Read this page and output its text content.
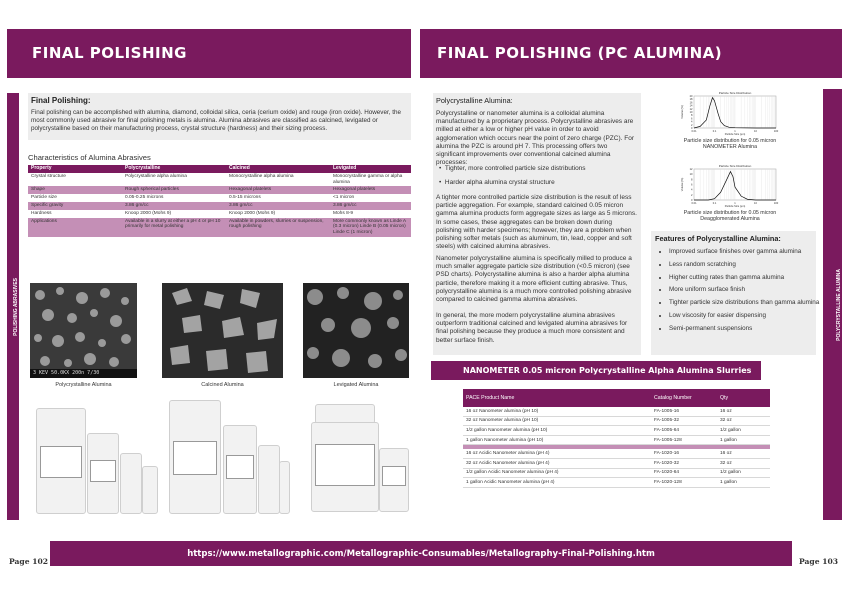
FINAL POLISHING
POLISHING ABRASIVES
Final Polishing:
Final polishing can be accomplished with alumina, diamond, colloidal silica, ceria (cerium oxide) and rouge (iron oxide). However, the most commonly used abrasive for final polishing metals is alumina. Alumina abrasives are classified as calcined, levigated or polycrystalline based on their manufacturing process, crystal structure (hardness) and their sizing process.
Characteristics of Alumina Abrasives
Property	Polycrystalline	Calcined	Levigated
Crystal structure	Polycrystalline alpha alumina	Monocrystalline alpha alumina	Monocrystalline gamma or alpha alumina
Shape	Rough spherical particles	Hexagonal platelets	Hexagonal platelets
Particle size	0.05-0.25 microns	0.5-15 microns	<1 micron
Specific gravity	3.86 gm/cc	3.86 gm/cc	3.86 gm/cc
Hardness	Knoop 2000 (Mohs 9)	Knoop 2000 (Mohs 9)	Mohs 8-9
Applications	Available in a slurry at either a pH 4 or pH 10 primarily for metal polishing	Available in powders, slurries or suspension, rough polishing	More commonly known as Linde A (0.3 micron) Linde B (0.05 micron) Linde C (1 micron)
3 KEV 50.0KX 200n 7/30
Polycrystalline Alumina	Calcined Alumina	Levigated Alumina
FINAL POLISHING (PC ALUMINA)
POLYCRYSTALLINE ALUMINA
Polycrystalline Alumina:
Polycrystalline or nanometer alumina is a colloidal alumina manufactured by a proprietary process. Polycrystalline abrasives are milled at either a low or higher pH value in order to avoid agglomeration which occurs near the point of zero charge (PZC). For alumina the PZC is around pH 7. This processing offers two significant improvements over conventional calcined alumina processes:
•  Tighter, more controlled particle size distributions
•  Harder alpha alumina crystal structure
A tighter more controlled particle size distribution is the result of less particle aggregation. For example, standard calcined 0.05 micron gamma alumina products form aggregate sizes as large as 5 microns. In some cases, these aggregates can be broken down during polishing with harder specimens; however, they are a problem when polishing softer metals (such as aluminum, tin, lead, copper and soft steels) with calcined alumina abrasives.
Nanometer polycrystalline alumina is specifically milled to produce a much smaller aggregate particle size distribution (<0.5 micron) (see PSD charts). Polycrystalline alumina is also a harder alpha alumina particle, therefore making it a more efficient cutting abrasive. Thus, polycrystalline alumina is a much more controlled polishing abrasive compared to calcined gamma alumina abrasives.
In general, the more modern polycrystalline alumina abrasives outperform traditional calcined and levigated alumina abrasives for final polishing because they produce a much more consistent and better surface finish.
Particle Size Distribution
Particle Size (µm)
Volume (%)
20
18
16
14
12
10
8
6
4
2
0
0.01	0.1	1	10	100
Particle size distribution for 0.05 micron NANOMETER Alumina
Particle Size Distribution
Particle Size (µm)
Volume (%)
12
10
8
6
4
2
0
0.01	0.1	1	10	100
Particle size distribution for 0.05 micron Deagglomerated Alumina
Features of Polycrystalline Alumina:
• Improved surface finishes over gamma alumina
• Less random scratching
• Higher cutting rates than gamma alumina
• More uniform surface finish
• Tighter particle size distributions than gamma alumina
• Low viscosity for easier dispensing
• Semi-permanent suspensions
NANOMETER 0.05 micron Polycrystalline Alpha Alumina Slurries
PACE Product Name	Catalog Number	Qty
16 oz Nanometer alumina (pH 10)	FA-1005-16	16 oz
32 oz Nanometer alumina (pH 10)	FA-1005-32	32 oz
1/2 gallon Nanometer alumina (pH 10)	FA-1005-64	1/2 gallon
1 gallon Nanometer alumina (pH 10)	FA-1005-128	1 gallon

16 oz Acidic Nanometer alumina (pH 4)	FA-1020-16	16 oz
32 oz Acidic Nanometer alumina (pH 4)	FA-1020-32	32 oz
1/2 gallon Acidic Nanometer alumina (pH 4)	FA-1020-64	1/2 gallon
1 gallon Acidic Nanometer alumina (pH 4)	FA-1020-128	1 gallon
https://www.metallographic.com/Metallographic-Consumables/Metallography-Final-Polishing.htm
Page 102	Page 103
